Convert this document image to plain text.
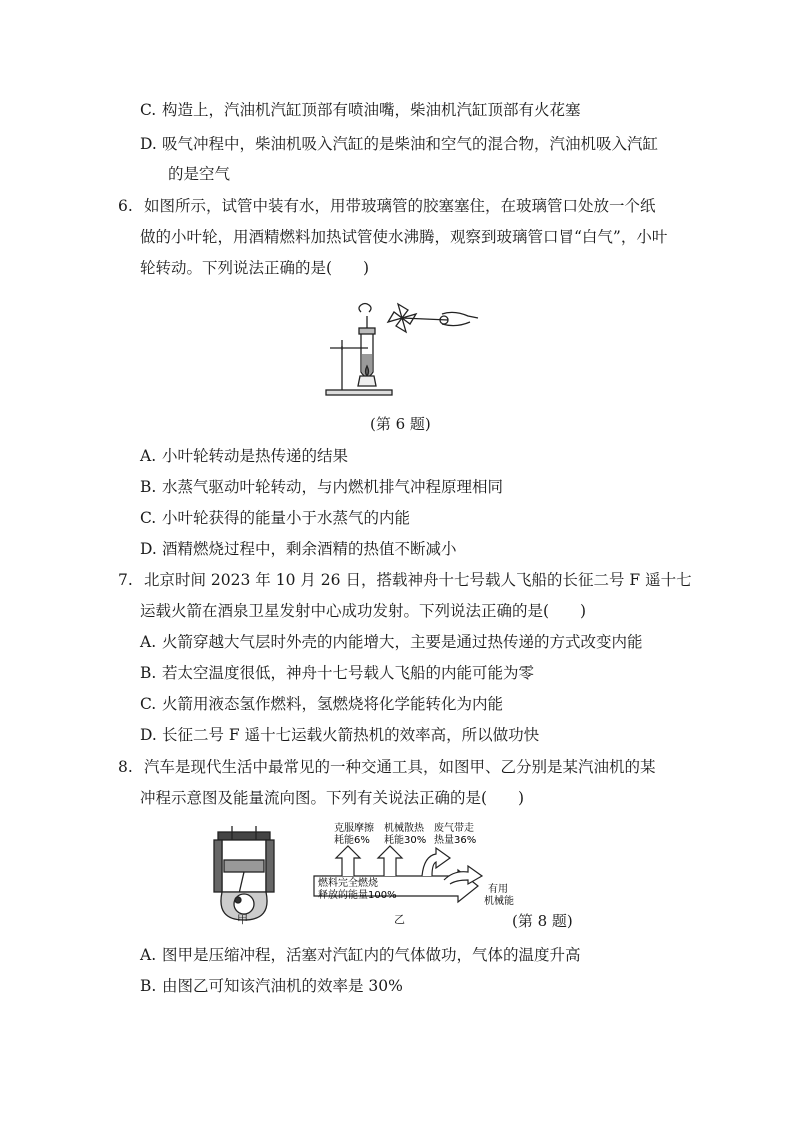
C. 构造上，汽油机汽缸顶部有喷油嘴，柴油机汽缸顶部有火花塞
D. 吸气冲程中，柴油机吸入汽缸的是柴油和空气的混合物，汽油机吸入汽缸
的是空气
6. 如图所示，试管中装有水，用带玻璃管的胶塞塞住，在玻璃管口处放一个纸
做的小叶轮，用酒精燃料加热试管使水沸腾，观察到玻璃管口冒“白气”，小叶
轮转动。下列说法正确的是(　　)
(第 6 题)
A. 小叶轮转动是热传递的结果
B. 水蒸气驱动叶轮转动，与内燃机排气冲程原理相同
C. 小叶轮获得的能量小于水蒸气的内能
D. 酒精燃烧过程中，剩余酒精的热值不断减小
7. 北京时间 2023 年 10 月 26 日，搭载神舟十七号载人飞船的长征二号 F 遥十七
运载火箭在酒泉卫星发射中心成功发射。下列说法正确的是(　　)
A. 火箭穿越大气层时外壳的内能增大，主要是通过热传递的方式改变内能
B. 若太空温度很低，神舟十七号载人飞船的内能可能为零
C. 火箭用液态氢作燃料，氢燃烧将化学能转化为内能
D. 长征二号 F 遥十七运载火箭热机的效率高，所以做功快
8. 汽车是现代生活中最常见的一种交通工具，如图甲、乙分别是某汽油机的某
冲程示意图及能量流向图。下列有关说法正确的是(　　)
甲
克服摩擦
耗能6%
机械散热
耗能30%
废气带走
热量36%
燃料完全燃烧
释放的能量100%
有用
机械能
乙	(第 8 题)
A. 图甲是压缩冲程，活塞对汽缸内的气体做功，气体的温度升高
B. 由图乙可知该汽油机的效率是 30%
